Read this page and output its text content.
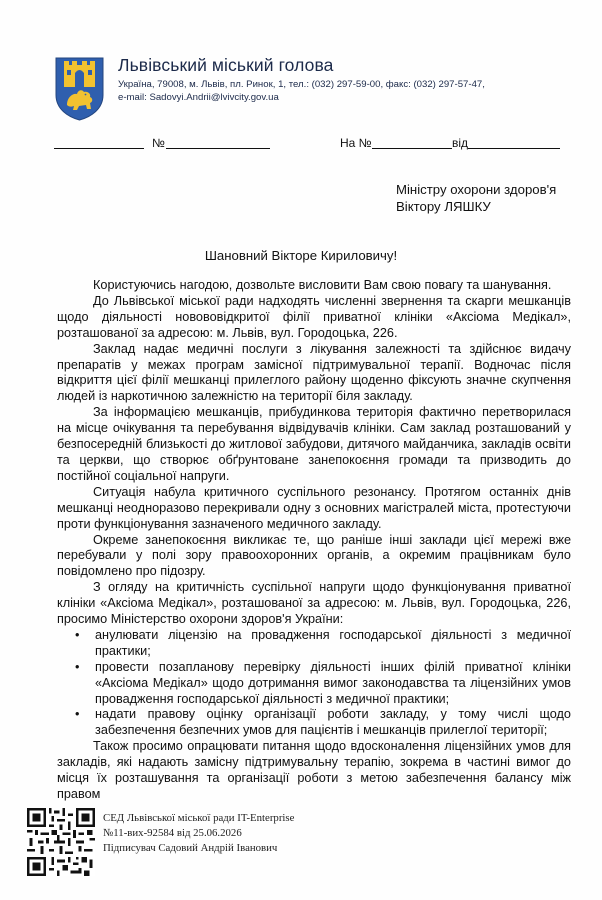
Львівський міський голова
Україна, 79008, м. Львів, пл. Ринок, 1, тел.: (032) 297-59-00, факс: (032) 297-57-47,
e-mail: Sadovyi.Andrii@lvivcity.gov.ua
№	На №	від
Міністру охорони здоров'я
Віктору ЛЯШКУ
Шановний Вікторе Кириловичу!

Користуючись нагодою, дозвольте висловити Вам свою повагу та шанування.

До Львівської міської ради надходять численні звернення та скарги мешканців щодо діяльності новововідкритої філії приватної клініки «Аксіома Медікал», розташованої за адресою: м. Львів, вул. Городоцька, 226.

Заклад надає медичні послуги з лікування залежності та здійснює видачу препаратів у межах програм замісної підтримувальної терапії. Водночас після відкриття цієї філії мешканці прилеглого району щоденно фіксують значне скупчення людей із наркотичною залежністю на території біля закладу.

За інформацією мешканців, прибудинкова територія фактично перетворилася на місце очікування та перебування відвідувачів клініки. Сам заклад розташований у безпосередній близькості до житлової забудови, дитячого майданчика, закладів освіти та церкви, що створює обґрунтоване занепокоєння громади та призводить до постійної соціальної напруги.

Ситуація набула критичного суспільного резонансу. Протягом останніх днів мешканці неодноразово перекривали одну з основних магістралей міста, протестуючи проти функціонування зазначеного медичного закладу.

Окреме занепокоєння викликає те, що раніше інші заклади цієї мережі вже перебували у полі зору правоохоронних органів, а окремим працівникам було повідомлено про підозру.

З огляду на критичність суспільної напруги щодо функціонування приватної клініки «Аксіома Медікал», розташованої за адресою: м. Львів, вул. Городоцька, 226, просимо Міністерство охорони здоров'я України:

• анулювати ліцензію на провадження господарської діяльності з медичної практики;

• провести позапланову перевірку діяльності інших філій приватної клініки «Аксіома Медікал» щодо дотримання вимог законодавства та ліцензійних умов провадження господарської діяльності з медичної практики;

• надати правову оцінку організації роботи закладу, у тому числі щодо забезпечення безпечних умов для пацієнтів і мешканців прилеглої території;

Також просимо опрацювати питання щодо вдосконалення ліцензійних умов для закладів, які надають замісну підтримувальну терапію, зокрема в частині вимог до місця їх розташування та організації роботи з метою забезпечення балансу між правом

СЕД Львівської міської ради IT-Enterprise
№11-вих-92584 від 25.06.2026
Підписувач Садовий Андрій Іванович
